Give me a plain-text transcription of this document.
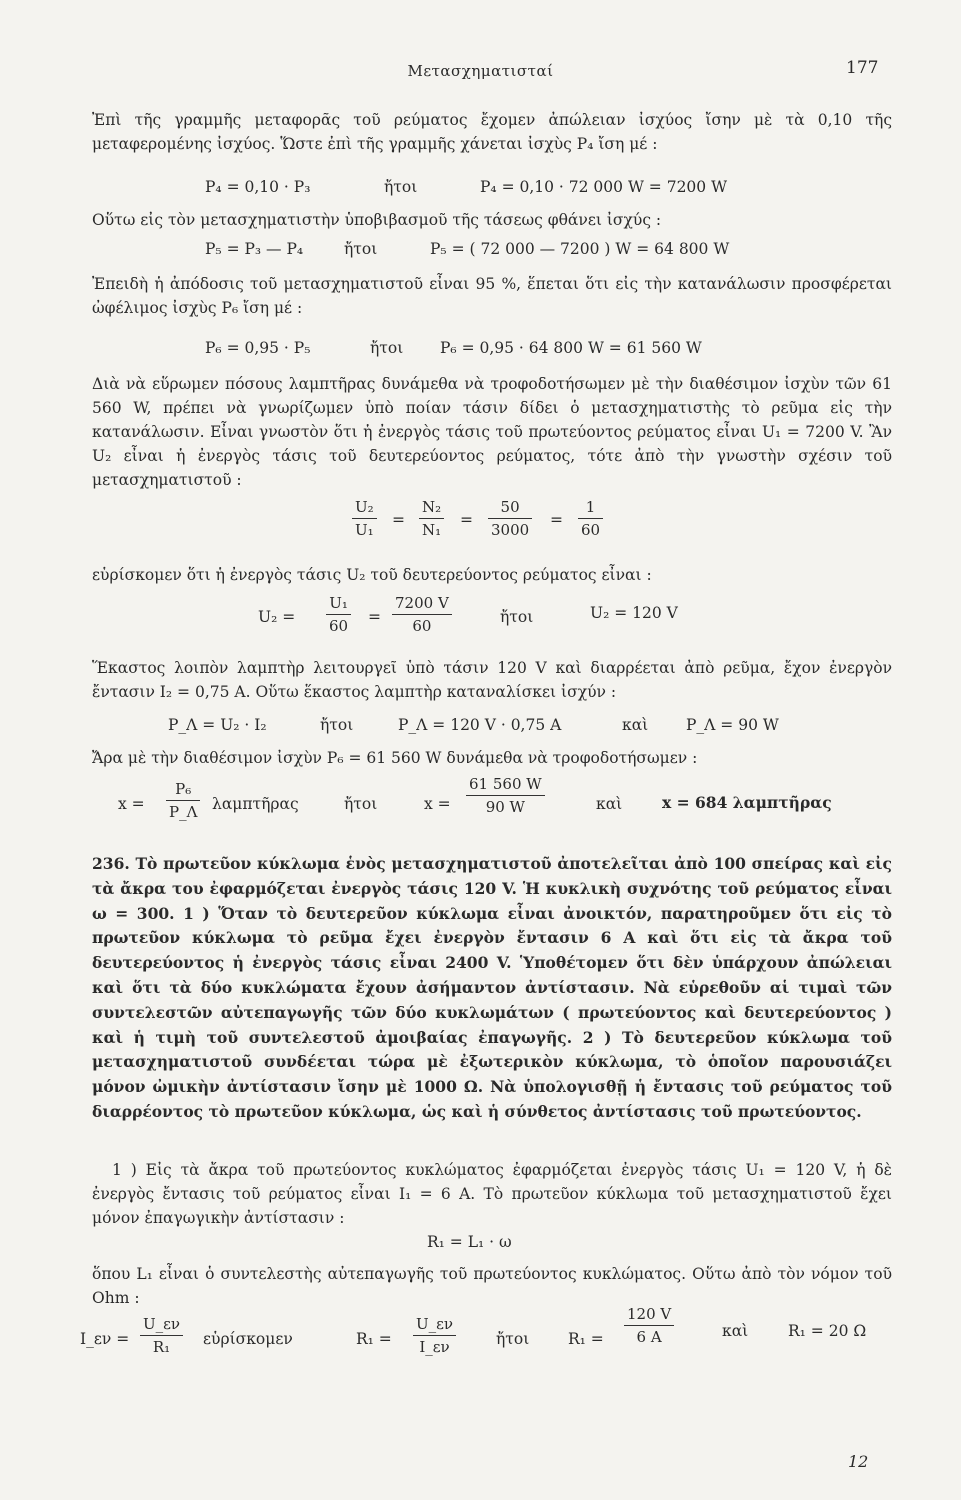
Μετασχηματισταί	177

Ἐπὶ τῆς γραμμῆς μεταφορᾶς τοῦ ρεύματος ἔχομεν ἀπώλειαν ἰσχύος ἴσην μὲ τὰ 0,10 τῆς μεταφερομένης ἰσχύος. Ὥστε ἐπὶ τῆς γραμμῆς χάνεται ἰσχὺς P₄ ἴση μέ :

P₄ = 0,10 · P₃	ἤτοι	P₄ = 0,10 · 72 000 W = 7200 W

Οὕτω εἰς τὸν μετασχηματιστὴν ὑποβιβασμοῦ τῆς τάσεως φθάνει ἰσχύς :

P₅ = P₃ — P₄	ἤτοι	P₅ = ( 72 000 — 7200 ) W = 64 800 W

Ἐπειδὴ ἡ ἀπόδοσις τοῦ μετασχηματιστοῦ εἶναι 95 %, ἕπεται ὅτι εἰς τὴν κατανάλωσιν προσφέρεται ὠφέλιμος ἰσχὺς P₆ ἴση μέ :

P₆ = 0,95 · P₅	ἤτοι P₆ = 0,95 · 64 800 W = 61 560 W

Διὰ νὰ εὕρωμεν πόσους λαμπτῆρας δυνάμεθα νὰ τροφοδοτήσωμεν μὲ τὴν διαθέσιμον ἰσχὺν τῶν 61 560 W, πρέπει νὰ γνωρίζωμεν ὑπὸ ποίαν τάσιν δίδει ὁ μετασχηματιστὴς τὸ ρεῦμα εἰς τὴν κατανάλωσιν. Εἶναι γνωστὸν ὅτι ἡ ἐνεργὸς τάσις τοῦ πρωτεύοντος ρεύματος εἶναι U₁ = 7200 V. Ἂν U₂ εἶναι ἡ ἐνεργὸς τάσις τοῦ δευτερεύοντος ρεύματος, τότε ἀπὸ τὴν γνωστὴν σχέσιν τοῦ μετασχηματιστοῦ :

U₂
U₁
=
N₂
N₁
=
50
3000
=
1
60

εὑρίσκομεν ὅτι ἡ ἐνεργὸς τάσις U₂ τοῦ δευτερεύοντος ρεύματος εἶναι :

U₂ =
U₁
60 =
7200 V
60	ἤτοι	U₂ = 120 V

Ἕκαστος λοιπὸν λαμπτὴρ λειτουργεῖ ὑπὸ τάσιν 120 V καὶ διαρρέεται ἀπὸ ρεῦμα, ἔχον ἐνεργὸν ἔντασιν I₂ = 0,75 A. Οὕτω ἕκαστος λαμπτὴρ καταναλίσκει ἰσχύν :

P_Λ = U₂ · I₂	ἤτοι	P_Λ = 120 V · 0,75 A	καὶ P_Λ = 90 W

Ἄρα μὲ τὴν διαθέσιμον ἰσχὺν P₆ = 61 560 W δυνάμεθα νὰ τροφοδοτήσωμεν :

x =
P₆
P_Λ λαμπτῆρας	ἤτοι	x =
61 560 W
90 W	καὶ	x = 684 λαμπτῆρας

236. Τὸ πρωτεῦον κύκλωμα ἑνὸς μετασχηματιστοῦ ἀποτελεῖται ἀπὸ 100 σπείρας καὶ εἰς τὰ ἄκρα του ἐφαρμόζεται ἐνεργὸς τάσις 120 V. Ἡ κυκλικὴ συχνότης τοῦ ρεύματος εἶναι ω = 300. 1 ) Ὅταν τὸ δευτερεῦον κύκλωμα εἶναι ἀνοικτόν, παρατηροῦμεν ὅτι εἰς τὸ πρωτεῦον κύκλωμα τὸ ρεῦμα ἔχει ἐνεργὸν ἔντασιν 6 A καὶ ὅτι εἰς τὰ ἄκρα τοῦ δευτερεύοντος ἡ ἐνεργὸς τάσις εἶναι 2400 V. Ὑποθέτομεν ὅτι δὲν ὑπάρχουν ἀπώλειαι καὶ ὅτι τὰ δύο κυκλώματα ἔχουν ἀσήμαντον ἀντίστασιν. Νὰ εὑρεθοῦν αἱ τιμαὶ τῶν συντελεστῶν αὐτεπαγωγῆς τῶν δύο κυκλωμάτων ( πρωτεύοντος καὶ δευτερεύοντος ) καὶ ἡ τιμὴ τοῦ συντελεστοῦ ἀμοιβαίας ἐπαγωγῆς. 2 ) Τὸ δευτερεῦον κύκλωμα τοῦ μετασχηματιστοῦ συνδέεται τώρα μὲ ἐξωτερικὸν κύκλωμα, τὸ ὁποῖον παρουσιάζει μόνον ὠμικὴν ἀντίστασιν ἴσην μὲ 1000 Ω. Νὰ ὑπολογισθῇ ἡ ἔντασις τοῦ ρεύματος τοῦ διαρρέοντος τὸ πρωτεῦον κύκλωμα, ὡς καὶ ἡ σύνθετος ἀντίστασις τοῦ πρωτεύοντος.

1 ) Εἰς τὰ ἄκρα τοῦ πρωτεύοντος κυκλώματος ἐφαρμόζεται ἐνεργὸς τάσις U₁ = 120 V, ἡ δὲ ἐνεργὸς ἔντασις τοῦ ρεύματος εἶναι I₁ = 6 A. Τὸ πρωτεῦον κύκλωμα τοῦ μετασχηματιστοῦ ἔχει μόνον ἐπαγωγικὴν ἀντίστασιν :

R₁ = L₁ · ω

ὅπου L₁ εἶναι ὁ συντελεστὴς αὐτεπαγωγῆς τοῦ πρωτεύοντος κυκλώματος. Οὕτω ἀπὸ τὸν νόμον τοῦ Ohm :

I_εν =
U_εν
R₁ εὑρίσκομεν	R₁ =
U_εν
I_εν	ἤτοι R₁ =
120 V
6 A	καὶ	R₁ = 20 Ω
12
